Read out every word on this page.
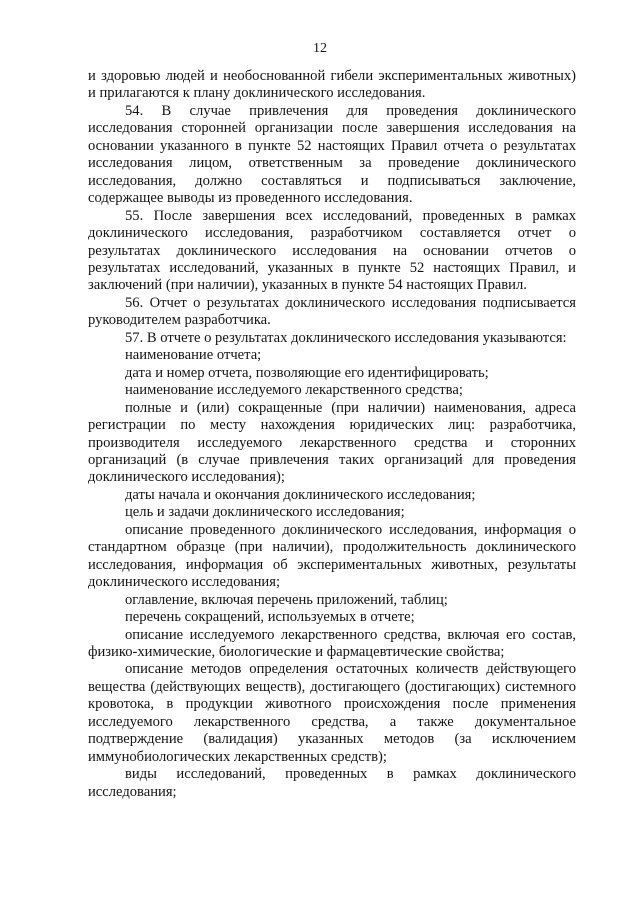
12

и здоровью людей и необоснованной гибели экспериментальных животных) и прилагаются к плану доклинического исследования.

54. В случае привлечения для проведения доклинического исследования сторонней организации после завершения исследования на основании указанного в пункте 52 настоящих Правил отчета о результатах исследования лицом, ответственным за проведение доклинического исследования, должно составляться и подписываться заключение, содержащее выводы из проведенного исследования.

55. После завершения всех исследований, проведенных в рамках доклинического исследования, разработчиком составляется отчет о результатах доклинического исследования на основании отчетов о результатах исследований, указанных в пункте 52 настоящих Правил, и заключений (при наличии), указанных в пункте 54 настоящих Правил.

56. Отчет о результатах доклинического исследования подписывается руководителем разработчика.

57. В отчете о результатах доклинического исследования указываются:

наименование отчета;

дата и номер отчета, позволяющие его идентифицировать;

наименование исследуемого лекарственного средства;

полные и (или) сокращенные (при наличии) наименования, адреса регистрации по месту нахождения юридических лиц: разработчика, производителя исследуемого лекарственного средства и сторонних организаций (в случае привлечения таких организаций для проведения доклинического исследования);

даты начала и окончания доклинического исследования;

цель и задачи доклинического исследования;

описание проведенного доклинического исследования, информация о стандартном образце (при наличии), продолжительность доклинического исследования, информация об экспериментальных животных, результаты доклинического исследования;

оглавление, включая перечень приложений, таблиц;

перечень сокращений, используемых в отчете;

описание исследуемого лекарственного средства, включая его состав, физико-химические, биологические и фармацевтические свойства;

описание методов определения остаточных количеств действующего вещества (действующих веществ), достигающего (достигающих) системного кровотока, в продукции животного происхождения после применения исследуемого лекарственного средства, а также документальное подтверждение (валидация) указанных методов (за исключением иммунобиологических лекарственных средств);

виды исследований, проведенных в рамках доклинического исследования;
